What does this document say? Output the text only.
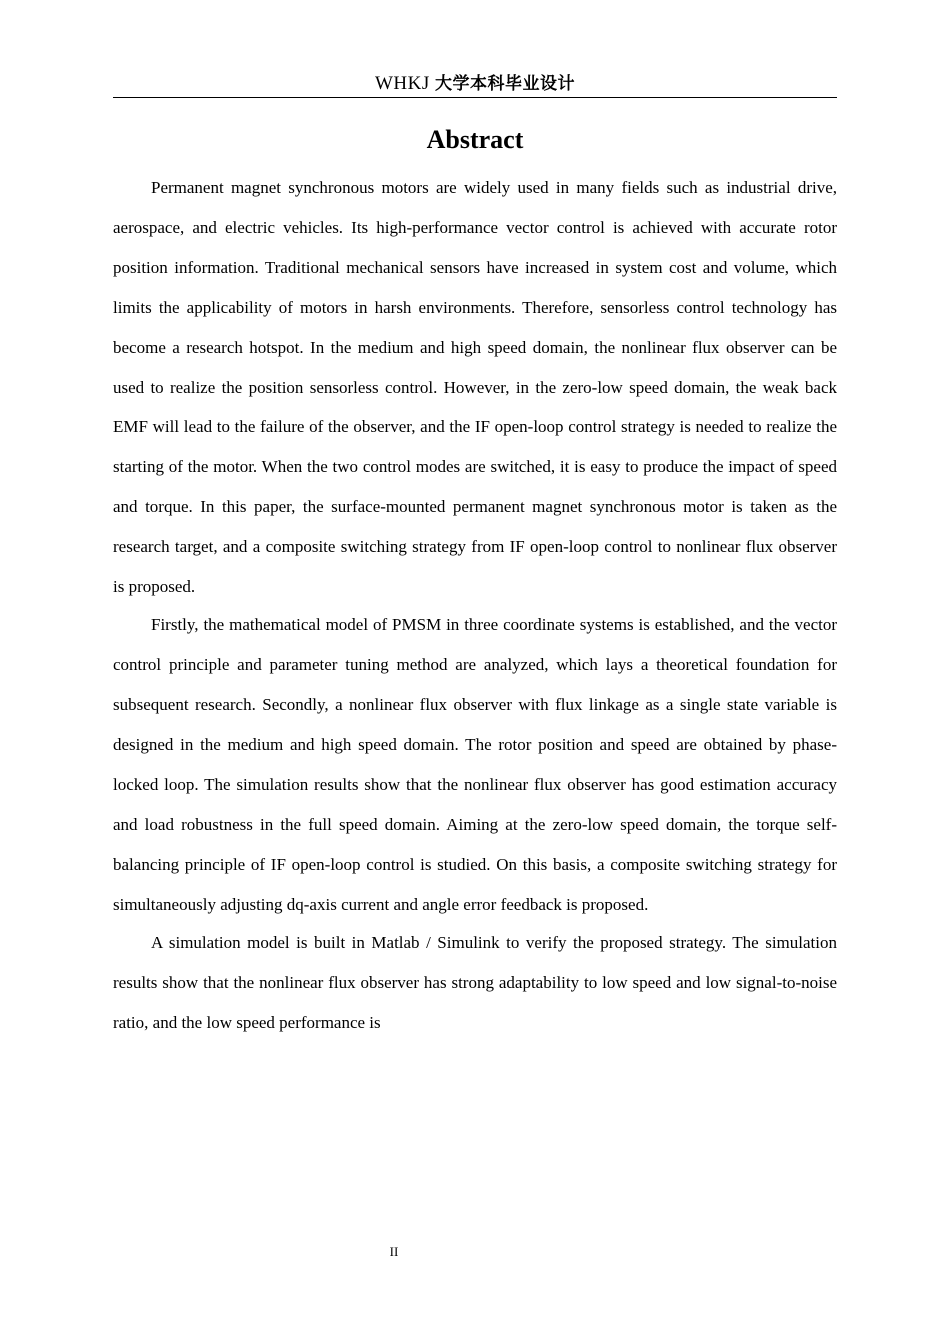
WHKJ 大学本科毕业设计
Abstract

Permanent magnet synchronous motors are widely used in many fields such as industrial drive, aerospace, and electric vehicles. Its high-performance vector control is achieved with accurate rotor position information. Traditional mechanical sensors have increased in system cost and volume, which limits the applicability of motors in harsh environments. Therefore, sensorless control technology has become a research hotspot. In the medium and high speed domain, the nonlinear flux observer can be used to realize the position sensorless control. However, in the zero-low speed domain, the weak back EMF will lead to the failure of the observer, and the IF open-loop control strategy is needed to realize the starting of the motor. When the two control modes are switched, it is easy to produce the impact of speed and torque. In this paper, the surface-mounted permanent magnet synchronous motor is taken as the research target, and a composite switching strategy from IF open-loop control to nonlinear flux observer is proposed.

Firstly, the mathematical model of PMSM in three coordinate systems is established, and the vector control principle and parameter tuning method are analyzed, which lays a theoretical foundation for subsequent research. Secondly, a nonlinear flux observer with flux linkage as a single state variable is designed in the medium and high speed domain. The rotor position and speed are obtained by phase-locked loop. The simulation results show that the nonlinear flux observer has good estimation accuracy and load robustness in the full speed domain. Aiming at the zero-low speed domain, the torque self-balancing principle of IF open-loop control is studied. On this basis, a composite switching strategy for simultaneously adjusting dq-axis current and angle error feedback is proposed.

A simulation model is built in Matlab / Simulink to verify the proposed strategy. The simulation results show that the nonlinear flux observer has strong adaptability to low speed and low signal-to-noise ratio, and the low speed performance is

II
